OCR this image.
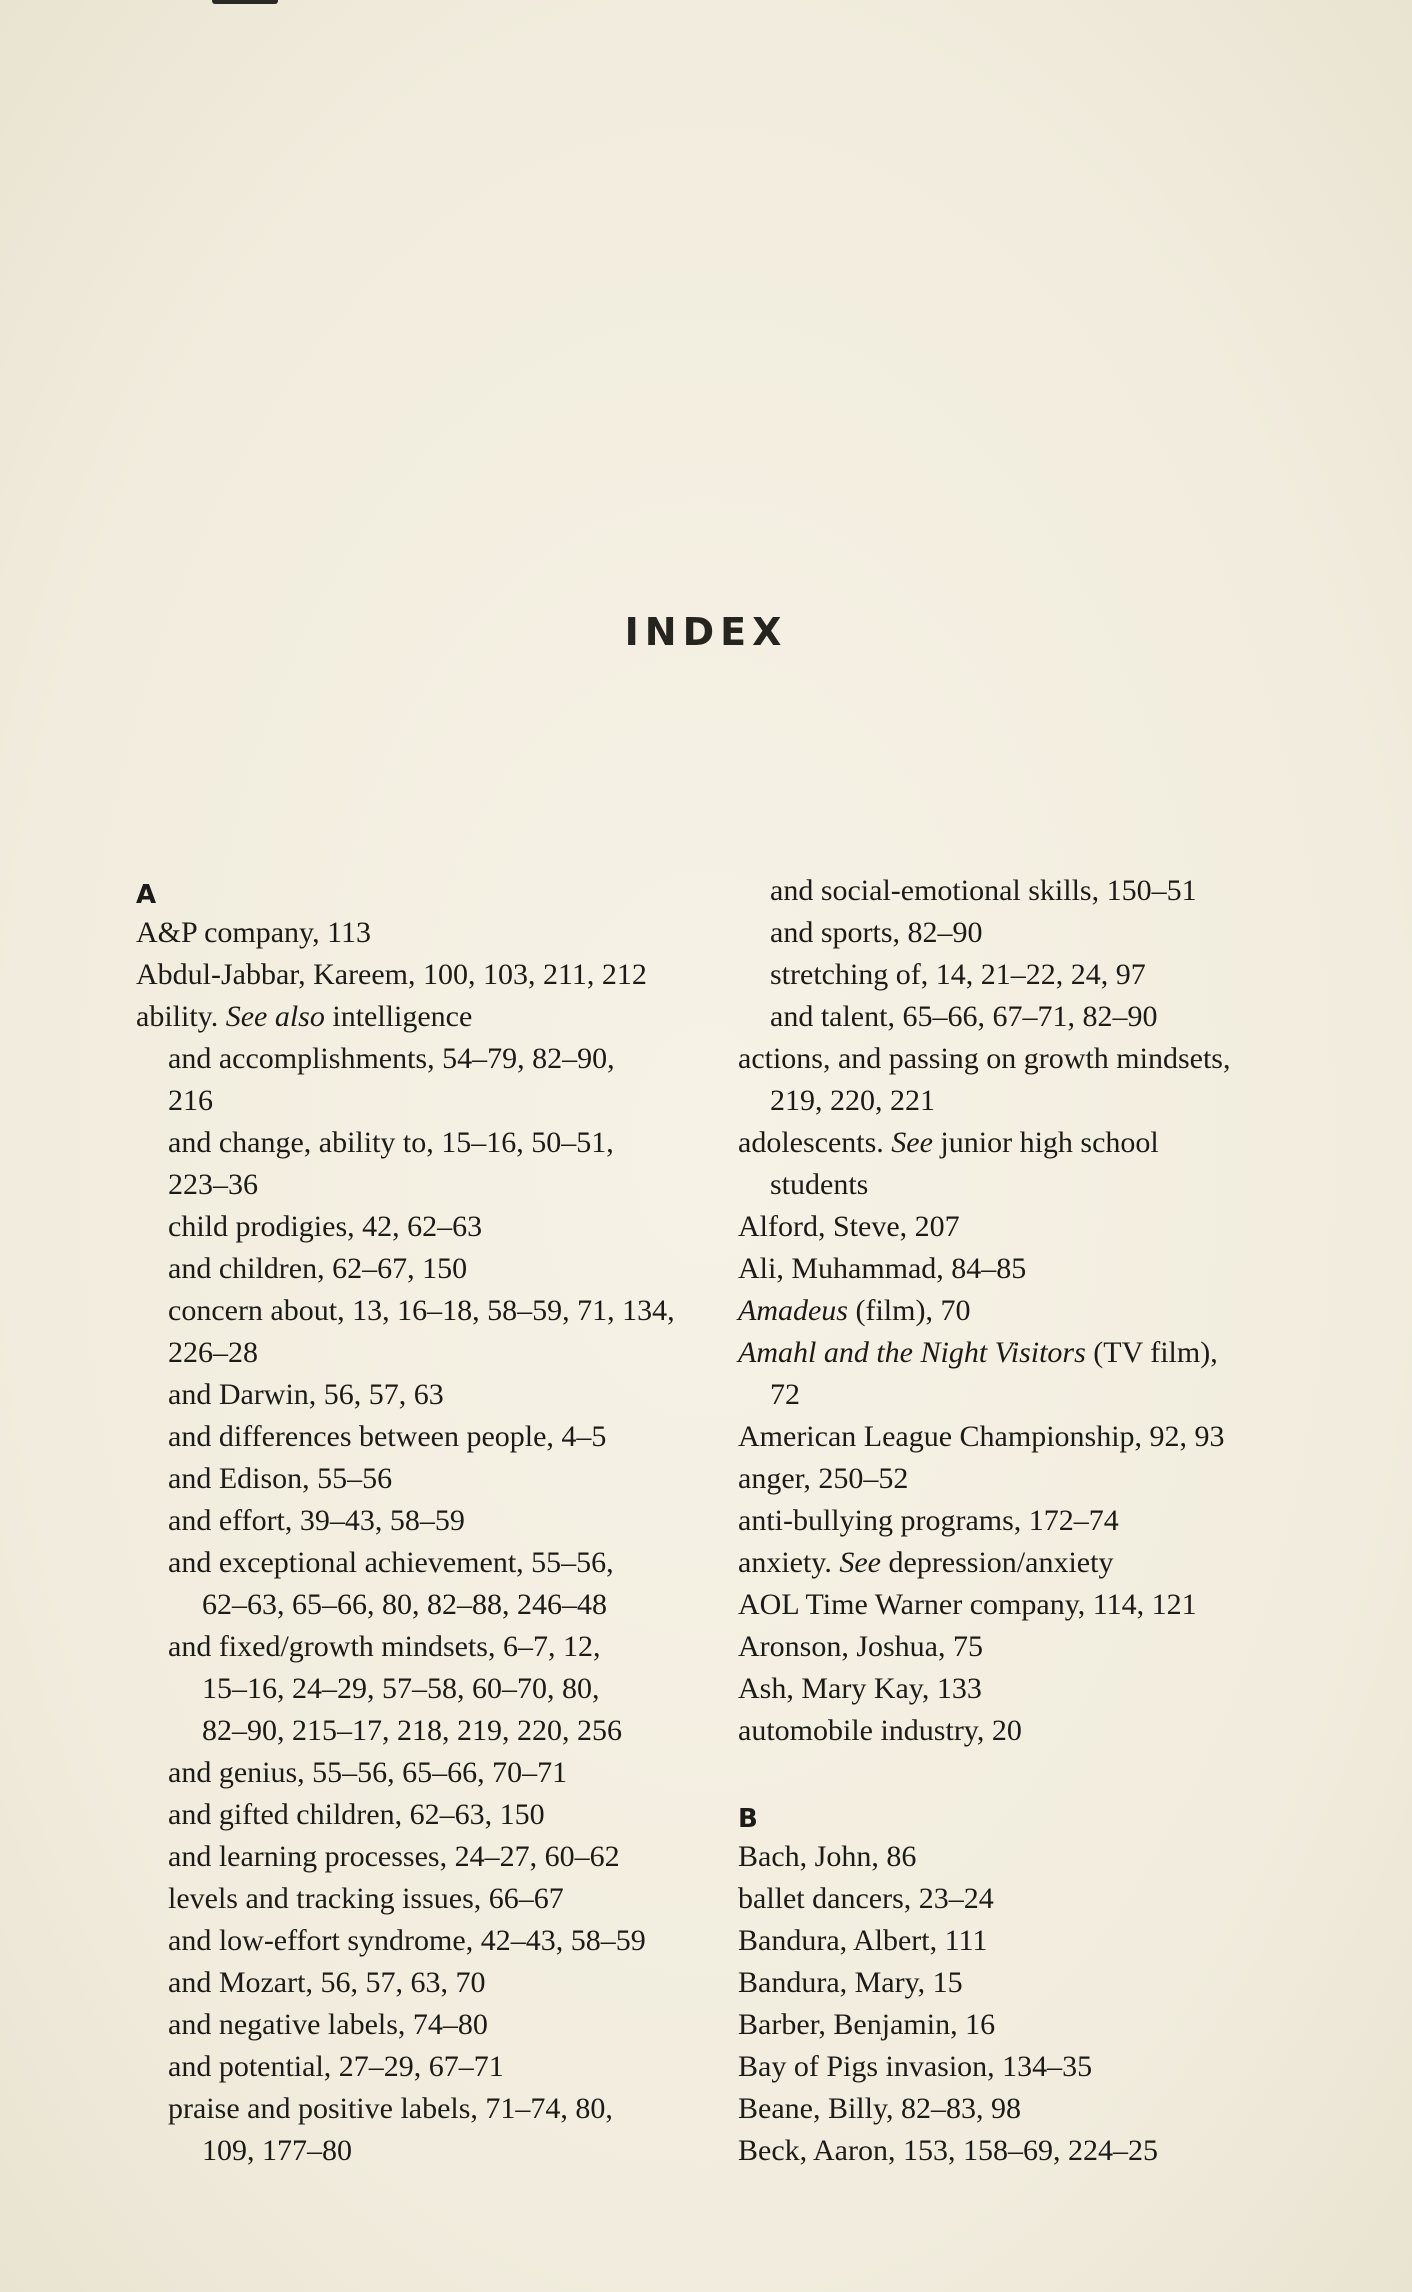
INDEX
A
A&P company, 113
Abdul-Jabbar, Kareem, 100, 103, 211, 212
ability. See also intelligence
and accomplishments, 54–79, 82–90,
216
and change, ability to, 15–16, 50–51,
223–36
child prodigies, 42, 62–63
and children, 62–67, 150
concern about, 13, 16–18, 58–59, 71, 134,
226–28
and Darwin, 56, 57, 63
and differences between people, 4–5
and Edison, 55–56
and effort, 39–43, 58–59
and exceptional achievement, 55–56,
62–63, 65–66, 80, 82–88, 246–48
and fixed/growth mindsets, 6–7, 12,
15–16, 24–29, 57–58, 60–70, 80,
82–90, 215–17, 218, 219, 220, 256
and genius, 55–56, 65–66, 70–71
and gifted children, 62–63, 150
and learning processes, 24–27, 60–62
levels and tracking issues, 66–67
and low-effort syndrome, 42–43, 58–59
and Mozart, 56, 57, 63, 70
and negative labels, 74–80
and potential, 27–29, 67–71
praise and positive labels, 71–74, 80,
109, 177–80
and social-emotional skills, 150–51
and sports, 82–90
stretching of, 14, 21–22, 24, 97
and talent, 65–66, 67–71, 82–90
actions, and passing on growth mindsets,
219, 220, 221
adolescents. See junior high school
students
Alford, Steve, 207
Ali, Muhammad, 84–85
Amadeus (film), 70
Amahl and the Night Visitors (TV film),
72
American League Championship, 92, 93
anger, 250–52
anti-bullying programs, 172–74
anxiety. See depression/anxiety
AOL Time Warner company, 114, 121
Aronson, Joshua, 75
Ash, Mary Kay, 133
automobile industry, 20
B
Bach, John, 86
ballet dancers, 23–24
Bandura, Albert, 111
Bandura, Mary, 15
Barber, Benjamin, 16
Bay of Pigs invasion, 134–35
Beane, Billy, 82–83, 98
Beck, Aaron, 153, 158–69, 224–25
